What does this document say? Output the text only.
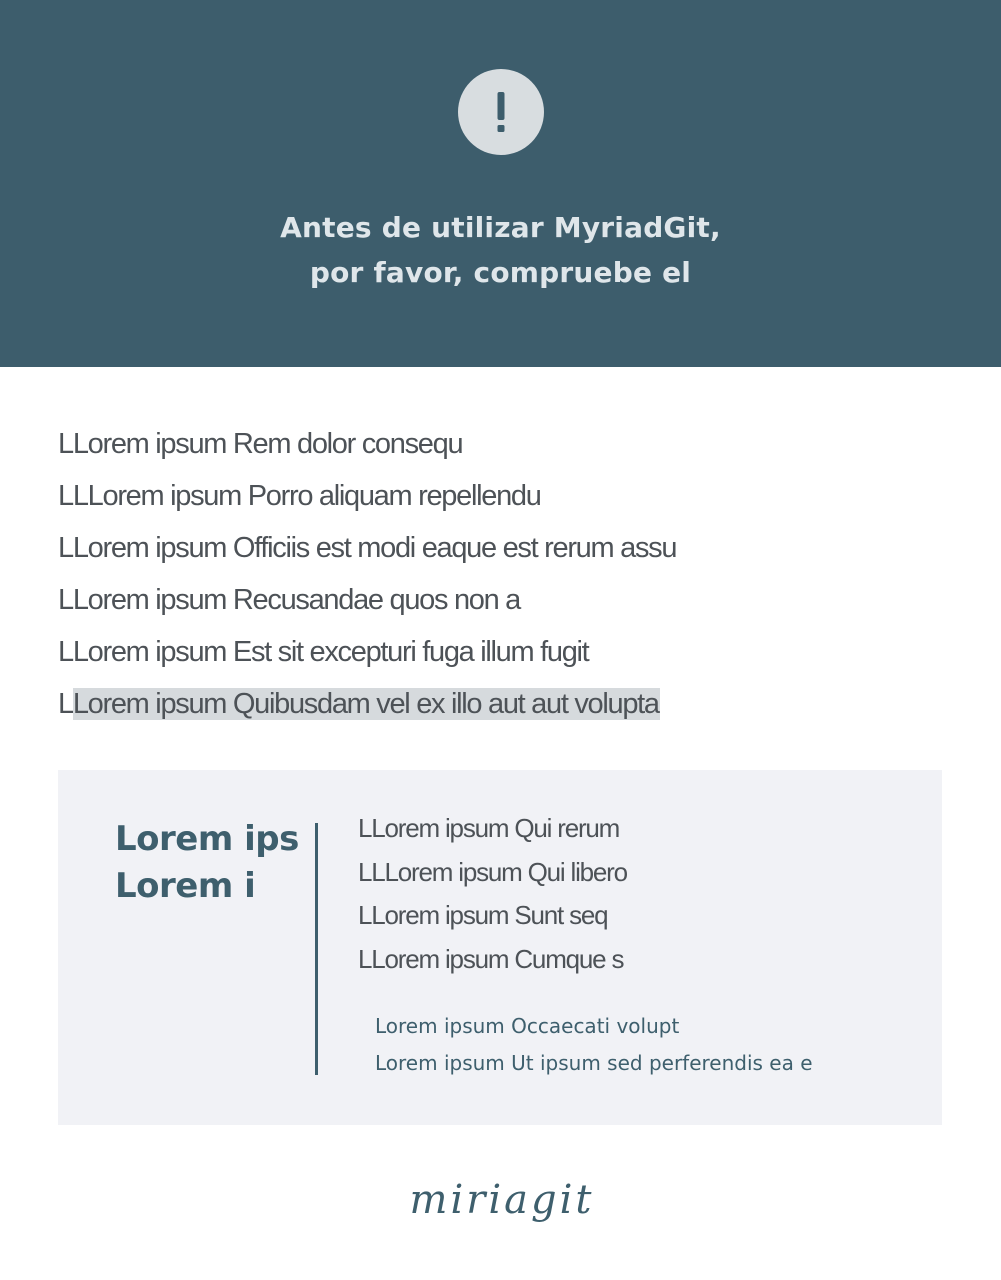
Antes de utilizar MyriadGit,
por favor, compruebe el
LLorem ipsum Rem dolor consequ
LLLorem ipsum Porro aliquam repellendu
LLorem ipsum Officiis est modi eaque est rerum assu
LLorem ipsum Recusandae quos non a
LLorem ipsum Est sit excepturi fuga illum fugit
LLorem ipsum Quibusdam vel ex illo aut aut volupta
Lorem ips
Lorem i
LLorem ipsum Qui rerum
LLLorem ipsum Qui libero
LLorem ipsum Sunt seq
LLorem ipsum Cumque s
Lorem ipsum Occaecati volupt
Lorem ipsum Ut ipsum sed perferendis ea e
miriagit
